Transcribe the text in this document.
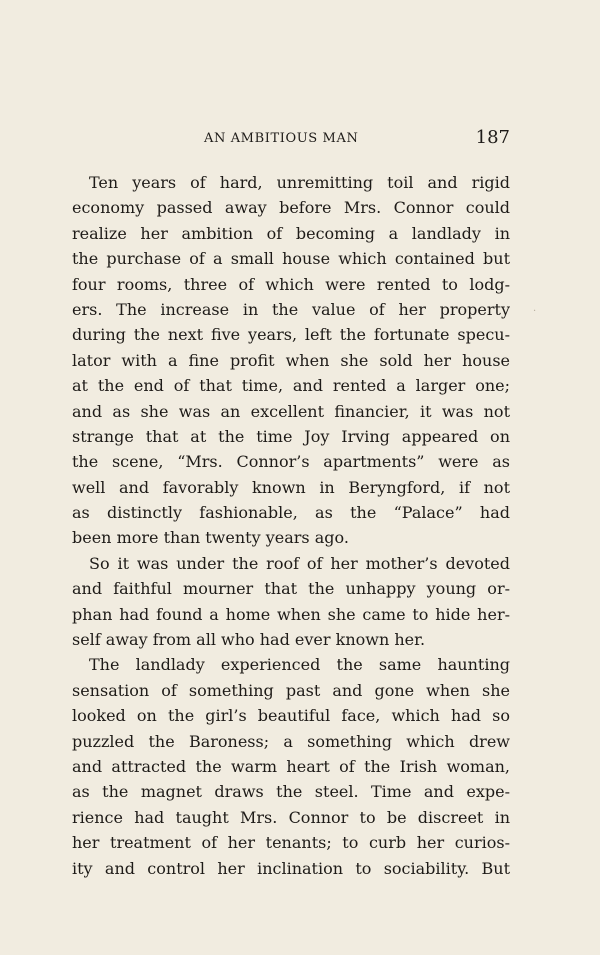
AN AMBITIOUS MAN	187
Ten years of hard, unremitting toil and rigid
economy passed away before Mrs. Connor could
realize her ambition of becoming a landlady in
the purchase of a small house which contained but
four rooms, three of which were rented to lodg-
ers. The increase in the value of her property
during the next five years, left the fortunate specu-
lator with a fine profit when she sold her house
at the end of that time, and rented a larger one;
and as she was an excellent financier, it was not
strange that at the time Joy Irving appeared on
the scene, “Mrs. Connor’s apartments” were as
well and favorably known in Beryngford, if not
as distinctly fashionable, as the “Palace” had
been more than twenty years ago.
So it was under the roof of her mother’s devoted
and faithful mourner that the unhappy young or-
phan had found a home when she came to hide her-
self away from all who had ever known her.
The landlady experienced the same haunting
sensation of something past and gone when she
looked on the girl’s beautiful face, which had so
puzzled the Baroness; a something which drew
and attracted the warm heart of the Irish woman,
as the magnet draws the steel. Time and expe-
rience had taught Mrs. Connor to be discreet in
her treatment of her tenants; to curb her curios-
ity and control her inclination to sociability. But
·
